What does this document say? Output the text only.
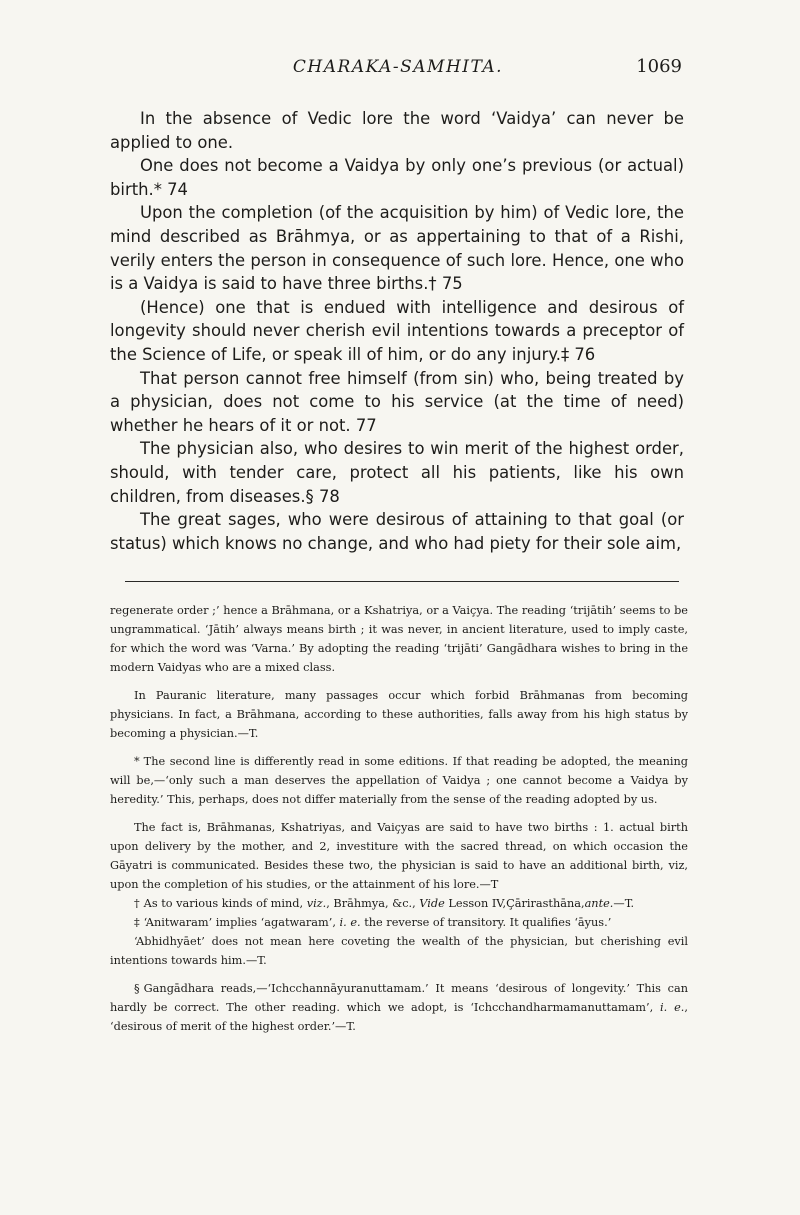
CHARAKA-SAMHITA.	1069

In the absence of Vedic lore the word ‘Vaidya’ can never be applied to one.

One does not become a Vaidya by only one’s previous (or actual) birth.* 74

Upon the completion (of the acquisition by him) of Vedic lore, the mind described as Brāhmya, or as appertaining to that of a Rishi, verily enters the person in consequence of such lore. Hence, one who is a Vaidya is said to have three births.† 75

(Hence) one that is endued with intelligence and desirous of longevity should never cherish evil intentions towards a preceptor of the Science of Life, or speak ill of him, or do any injury.‡ 76

That person cannot free himself (from sin) who, being treated by a physician, does not come to his service (at the time of need) whether he hears of it or not. 77

The physician also, who desires to win merit of the highest order, should, with tender care, protect all his patients, like his own children, from diseases.§ 78

The great sages, who were desirous of attaining to that goal (or status) which knows no change, and who had piety for their sole aim,

regenerate order ;’ hence a Brāhmana, or a Kshatriya, or a Vaiçya. The reading ‘trijātih’ seems to be ungrammatical. ‘Jātih’ always means birth ; it was never, in ancient literature, used to imply caste, for which the word was ‘Varna.’ By adopting the reading ‘trijāti’ Gangādhara wishes to bring in the modern Vaidyas who are a mixed class.

In Pauranic literature, many passages occur which forbid Brāhmanas from becoming physicians. In fact, a Brāhmana, according to these authorities, falls away from his high status by becoming a physician.—T.

* The second line is differently read in some editions. If that reading be adopted, the meaning will be,—‘only such a man deserves the appellation of Vaidya ; one cannot become a Vaidya by heredity.’ This, perhaps, does not differ materially from the sense of the reading adopted by us.

The fact is, Brāhmanas, Kshatriyas, and Vaiçyas are said to have two births : 1. actual birth upon delivery by the mother, and 2, investiture with the sacred thread, on which occasion the Gāyatri is communicated. Besides these two, the physician is said to have an additional birth, viz, upon the completion of his studies, or the attainment of his lore.—T

† As to various kinds of mind, viz., Brāhmya, &c., Vide Lesson IV,Çārirasthāna,ante.—T.

‡ ‘Anitwaram’ implies ‘agatwaram’, i. e. the reverse of transitory. It qualifies ‘āyus.’

‘Abhidhyāet’ does not mean here coveting the wealth of the physician, but cherishing evil intentions towards him.—T.

§ Gangādhara reads,—‘Ichcchannāyuranuttamam.’ It means ‘desirous of longevity.’ This can hardly be correct. The other reading. which we adopt, is ‘Ichcchandharmamanuttamam’, i. e., ‘desirous of merit of the highest order.’—T.
